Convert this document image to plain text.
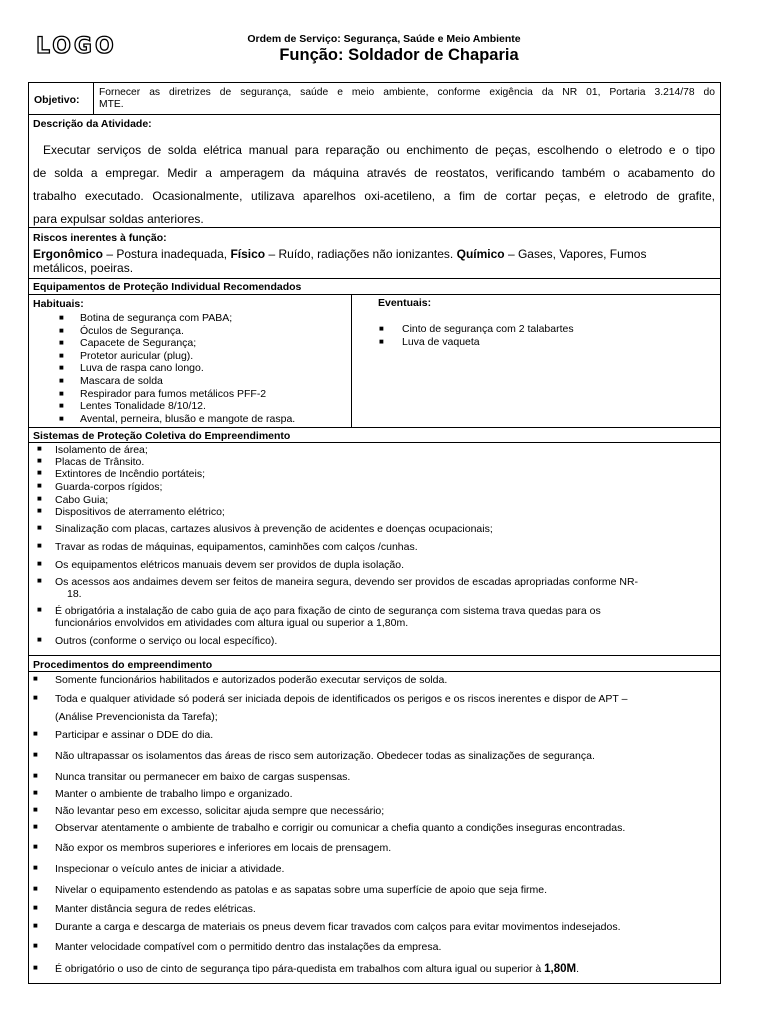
LOGO	Ordem de Serviço: Segurança, Saúde e Meio Ambiente
Função: Soldador de Chaparia
Objetivo:
Fornecer as diretrizes de segurança, saúde e meio ambiente, conforme exigência da NR 01, Portaria 3.214/78 do
MTE.
Descrição da Atividade:
Executar serviços de solda elétrica manual para reparação ou enchimento de peças, escolhendo o eletrodo e o tipo
de solda a empregar. Medir a amperagem da máquina através de reostatos, verificando também o acabamento do
trabalho executado. Ocasionalmente, utilizava aparelhos oxi-acetileno, a fim de cortar peças, e eletrodo de grafite,
para expulsar soldas anteriores.
Riscos inerentes à função:
Ergonômico – Postura inadequada, Físico – Ruído, radiações não ionizantes. Químico – Gases, Vapores, Fumos
metálicos, poeiras.
Equipamentos de Proteção Individual Recomendados
Habituais:
■ Botina de segurança com PABA;
■ Óculos de Segurança.
■ Capacete de Segurança;
■ Protetor auricular (plug).
■ Luva de raspa cano longo.
■ Mascara de solda
■ Respirador para fumos metálicos PFF-2
■ Lentes Tonalidade 8/10/12.
■ Avental, perneira, blusão e mangote de raspa.
Eventuais:
■ Cinto de segurança com 2 talabartes
■ Luva de vaqueta
Sistemas de Proteção Coletiva do Empreendimento
■ Isolamento de área;
■ Placas de Trânsito.
■ Extintores de Incêndio portáteis;
■ Guarda-corpos rígidos;
■ Cabo Guia;
■ Dispositivos de aterramento elétrico;
■ Sinalização com placas, cartazes alusivos à prevenção de acidentes e doenças ocupacionais;
■ Travar as rodas de máquinas, equipamentos, caminhões com calços /cunhas.
■ Os equipamentos elétricos manuais devem ser providos de dupla isolação.
■ Os acessos aos andaimes devem ser feitos de maneira segura, devendo ser providos de escadas apropriadas conforme NR-
18.
■ É obrigatória a instalação de cabo guia de aço para fixação de cinto de segurança com sistema trava quedas para os
funcionários envolvidos em atividades com altura igual ou superior a 1,80m.
■ Outros (conforme o serviço ou local específico).
Procedimentos do empreendimento
■ Somente funcionários habilitados e autorizados poderão executar serviços de solda.
■ Toda e qualquer atividade só poderá ser iniciada depois de identificados os perigos e os riscos inerentes e dispor de APT –
(Análise Prevencionista da Tarefa);
■ Participar e assinar o DDE do dia.
■ Não ultrapassar os isolamentos das áreas de risco sem autorização. Obedecer todas as sinalizações de segurança.
■ Nunca transitar ou permanecer em baixo de cargas suspensas.
■ Manter o ambiente de trabalho limpo e organizado.
■ Não levantar peso em excesso, solicitar ajuda sempre que necessário;
■ Observar atentamente o ambiente de trabalho e corrigir ou comunicar a chefia quanto a condições inseguras encontradas.
■ Não expor os membros superiores e inferiores em locais de prensagem.
■ Inspecionar o veículo antes de iniciar a atividade.
■ Nivelar o equipamento estendendo as patolas e as sapatas sobre uma superfície de apoio que seja firme.
■ Manter distância segura de redes elétricas.
■ Durante a carga e descarga de materiais os pneus devem ficar travados com calços para evitar movimentos indesejados.
■ Manter velocidade compatível com o permitido dentro das instalações da empresa.
■ É obrigatório o uso de cinto de segurança tipo pára-quedista em trabalhos com altura igual ou superior à 1,80M.
